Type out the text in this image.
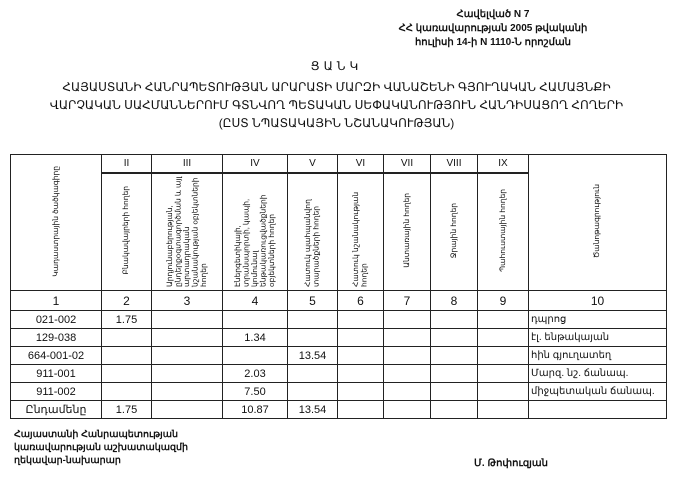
Հավելված N 7
ՀՀ կառավարության 2005 թվականի
հուլիսի 14-ի N 1110-Ն որոշման
ՑԱՆԿ
ՀԱՅԱՍՏԱՆԻ ՀԱՆՐԱՊԵՏՈՒԹՅԱՆ ԱՐԱՐԱՏԻ ՄԱՐԶԻ ՎԱՆԱՇԵՆԻ ԳՅՈՒՂԱԿԱՆ ՀԱՄԱՅՆՔԻ
ՎԱՐՉԱԿԱՆ ՍԱՀՄԱՆՆԵՐՈՒՄ ԳՏՆՎՈՂ ՊԵՏԱԿԱՆ ՍԵՓԱԿԱՆՈՒԹՅՈՒՆ ՀԱՆԴԻՍԱՑՈՂ ՀՈՂԵՐԻ
(ԸՍՏ ՆՊԱՏԱԿԱՅԻՆ ՆՇԱՆԱԿՈՒԹՅԱՆ)
Կադաստրային ծածկագիրը	II	III	IV	V	VI	VII	VIII	IX	Ծանոթագրություն
	Բնակավայրերի հողեր	Արդյունաբերության, ընդերքօգտագործման և այլ արտադրական նշանակության օբյեկտների հողեր	Էներգետիկայի, տրանսպորտի, կապի, կոմունալ ենթակառուցվածքների օբյեկտների հողեր	Հատուկ պահպանվող տարածքների հողեր	Հատուկ նշանակության հողեր	Անտառային հողեր	Ջրային հողեր	Պահուստային հողեր	
1	2	3	4	5	6	7	8	9	10
021-002	1.75								դպրոց
129-038			1.34						էլ. ենթակայան
664-001-02				13.54					հին գյուղատեղ
911-001			2.03						Մարզ. նշ. ճանապ.
911-002			7.50						միջպետական ճանապ.
Ընդամենը	1.75		10.87	13.54					
Հայաստանի Հանրապետության
կառավարության աշխատակազմի
ղեկավար-նախարար	Մ. Թոփուզյան
